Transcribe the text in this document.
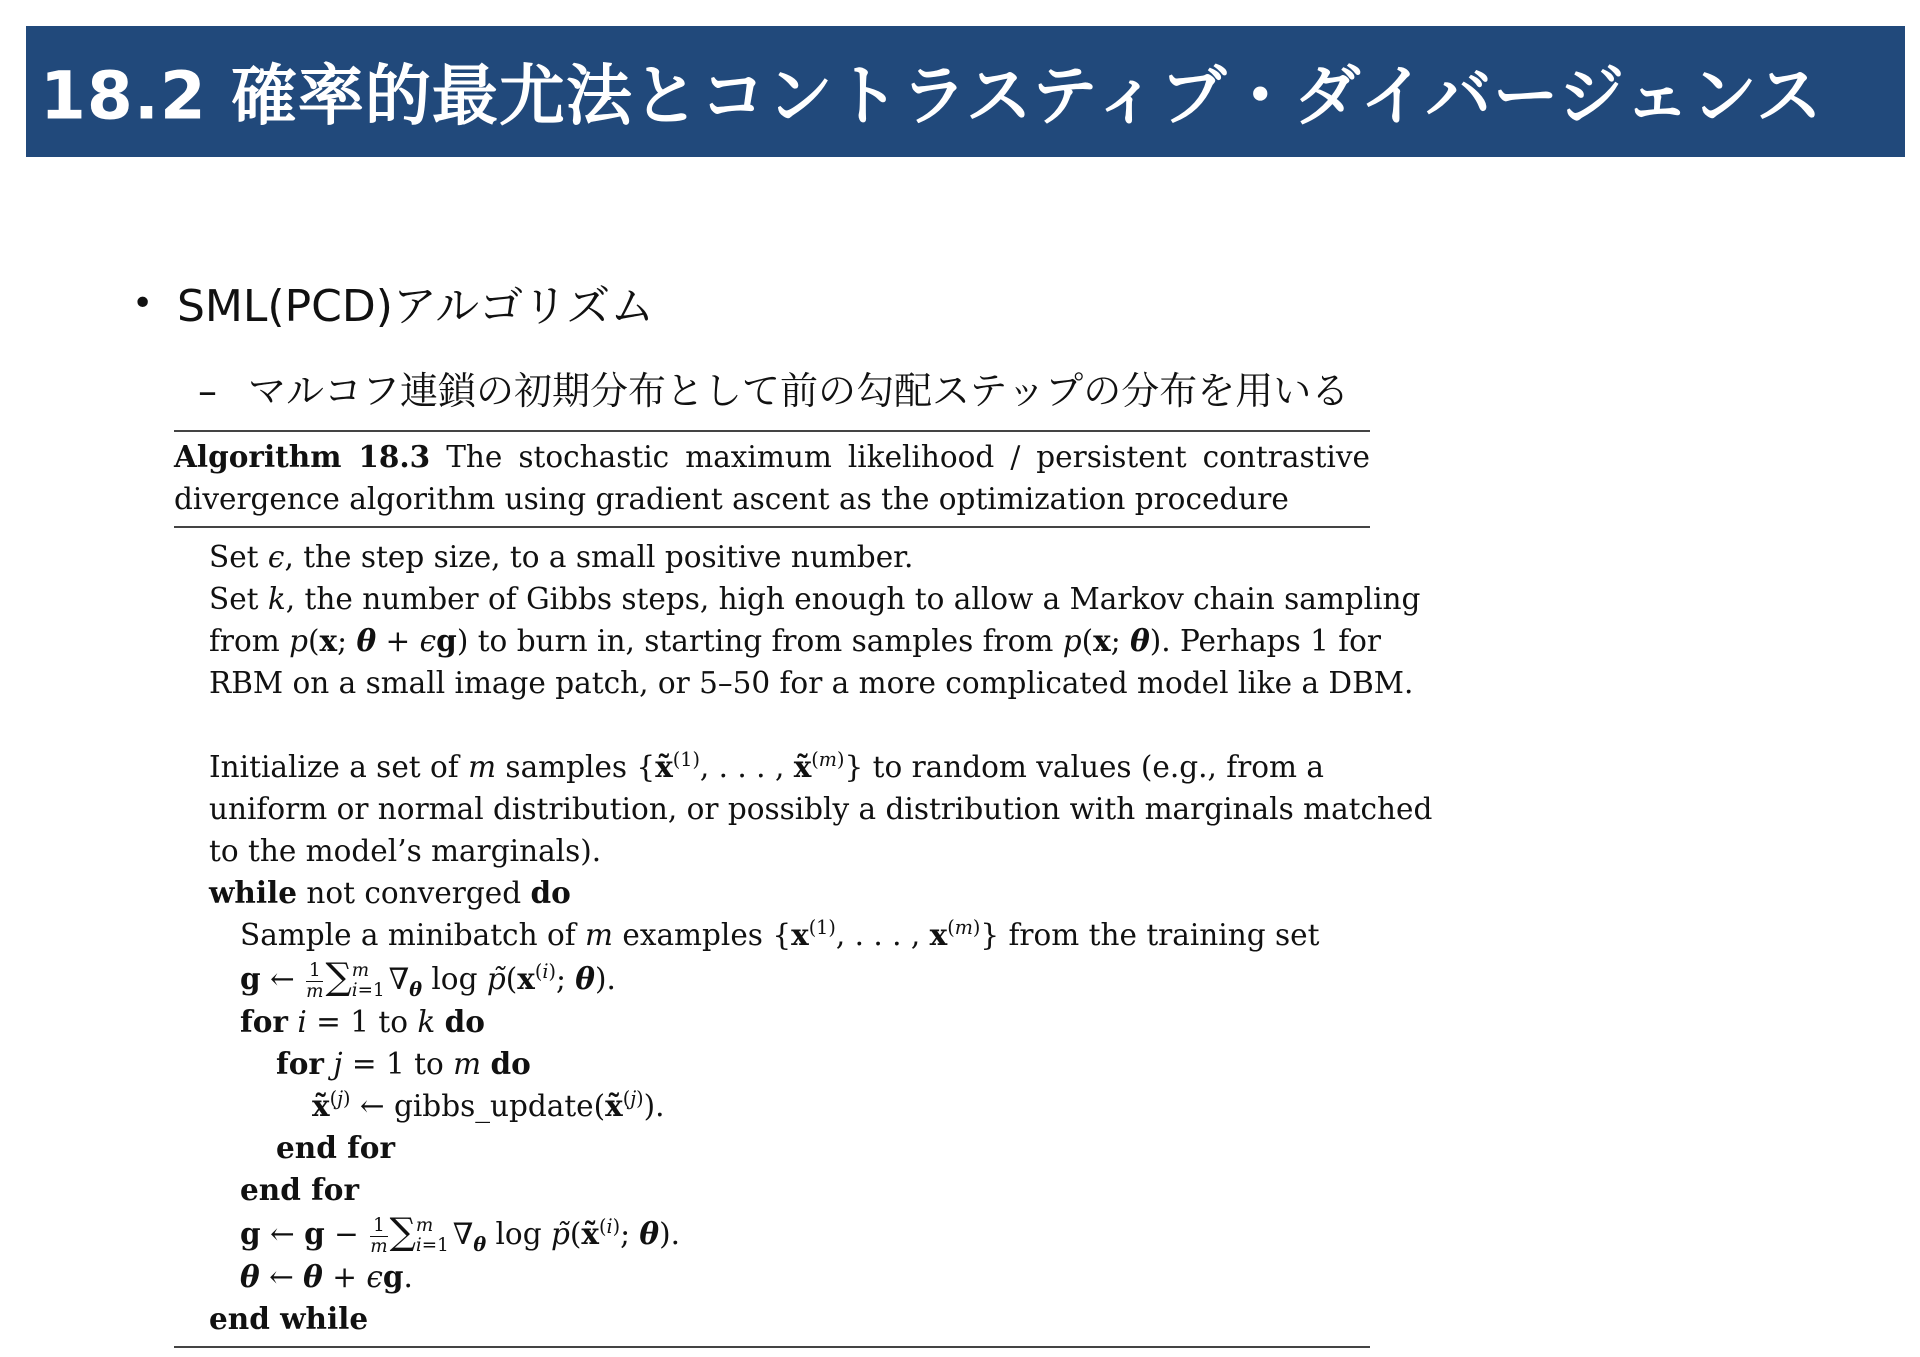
18.2 確率的最尤法とコントラスティブ・ダイバージェンス
• SML(PCD)アルゴリズム
– マルコフ連鎖の初期分布として前の勾配ステップの分布を用いる
Algorithm 18.3 The stochastic maximum likelihood / persistent contrastive
divergence algorithm using gradient ascent as the optimization procedure
Set ϵ, the step size, to a small positive number.
Set k, the number of Gibbs steps, high enough to allow a Markov chain sampling
from p(x; θ + ϵg) to burn in, starting from samples from p(x; θ). Perhaps 1 for
RBM on a small image patch, or 5–50 for a more complicated model like a DBM.
Initialize a set of m samples {x̃$^{(1)}$, . . . , x̃$^{(m)}$} to random values (e.g., from a
uniform or normal distribution, or possibly a distribution with marginals matched
to the model’s marginals).
while not converged do
Sample a minibatch of m examples {$x^{(1)}$, . . . , $x^{(m)}$} from the training set
g ← $\frac{1}{m}$ ∑ m
i=1 $\nabla_\theta$ $\log p̃(x^{(i)}$; θ).
for i = 1 to k do
for j = 1 to m do
x̃$^{(j)}$ ← gibbs_update(x̃$^{(j)}$).
end for
end for
g ← $g - \frac{1}{m}$ ∑ m
i=1 $\nabla_\theta$ log p̃(x̃$^{(i)}$; θ).
θ ← θ + ϵg.
end while
